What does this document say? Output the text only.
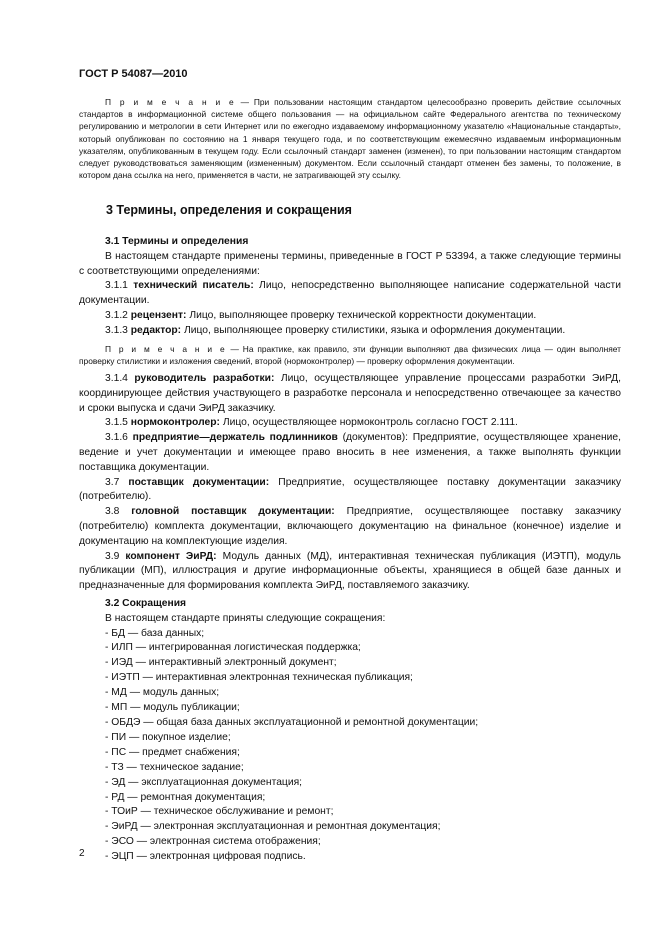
ГОСТ Р 54087—2010

П р и м е ч а н и е — При пользовании настоящим стандартом целесообразно проверить действие ссылочных стандартов в информационной системе общего пользования — на официальном сайте Федерального агентства по техническому регулированию и метрологии в сети Интернет или по ежегодно издаваемому информационному указателю «Национальные стандарты», который опубликован по состоянию на 1 января текущего года, и по соответствующим ежемесячно издаваемым информационным указателям, опубликованным в текущем году. Если ссылочный стандарт заменен (изменен), то при пользовании настоящим стандартом следует руководствоваться заменяющим (измененным) документом. Если ссылочный стандарт отменен без замены, то положение, в котором дана ссылка на него, применяется в части, не затрагивающей эту ссылку.

3 Термины, определения и сокращения

3.1 Термины и определения

В настоящем стандарте применены термины, приведенные в ГОСТ Р 53394, а также следующие термины с соответствующими определениями:

3.1.1 технический писатель: Лицо, непосредственно выполняющее написание содержательной части документации.

3.1.2 рецензент: Лицо, выполняющее проверку технической корректности документации.

3.1.3 редактор: Лицо, выполняющее проверку стилистики, языка и оформления документации.

П р и м е ч а н и е — На практике, как правило, эти функции выполняют два физических лица — один выполняет проверку стилистики и изложения сведений, второй (нормоконтролер) — проверку оформления документации.

3.1.4 руководитель разработки: Лицо, осуществляющее управление процессами разработки ЭиРД, координирующее действия участвующего в разработке персонала и непосредственно отвечающее за качество и сроки выпуска и сдачи ЭиРД заказчику.

3.1.5 нормоконтролер: Лицо, осуществляющее нормоконтроль согласно ГОСТ 2.111.

3.1.6 предприятие—держатель подлинников (документов): Предприятие, осуществляющее хранение, ведение и учет документации и имеющее право вносить в нее изменения, а также выполнять функции поставщика документации.

3.7 поставщик документации: Предприятие, осуществляющее поставку документации заказчику (потребителю).

3.8 головной поставщик документации: Предприятие, осуществляющее поставку заказчику (потребителю) комплекта документации, включающего документацию на финальное (конечное) изделие и документацию на комплектующие изделия.

3.9 компонент ЭиРД: Модуль данных (МД), интерактивная техническая публикация (ИЭТП), модуль публикации (МП), иллюстрация и другие информационные объекты, хранящиеся в общей базе данных и предназначенные для формирования комплекта ЭиРД, поставляемого заказчику.

3.2 Сокращения

В настоящем стандарте приняты следующие сокращения:

- БД — база данных;
- ИЛП — интегрированная логистическая поддержка;
- ИЭД — интерактивный электронный документ;
- ИЭТП — интерактивная электронная техническая публикация;
- МД — модуль данных;
- МП — модуль публикации;
- ОБДЭ — общая база данных эксплуатационной и ремонтной документации;
- ПИ — покупное изделие;
- ПС — предмет снабжения;
- ТЗ — техническое задание;
- ЭД — эксплуатационная документация;
- РД — ремонтная документация;
- ТОиР — техническое обслуживание и ремонт;
- ЭиРД — электронная эксплуатационная и ремонтная документация;
- ЭСО — электронная система отображения;
- ЭЦП — электронная цифровая подпись.
2
